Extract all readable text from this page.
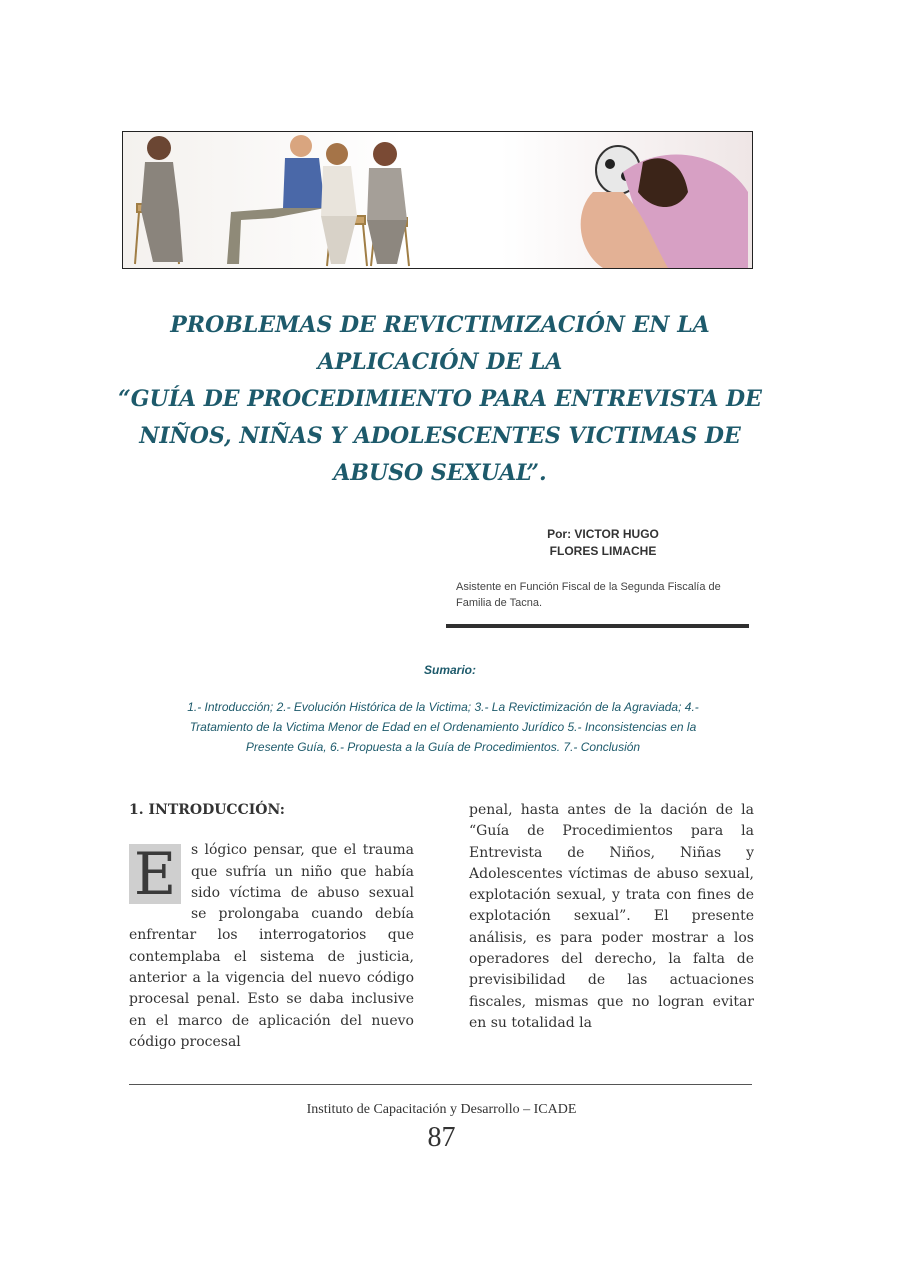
PROBLEMAS DE REVICTIMIZACIÓN EN LA
APLICACIÓN DE LA
“GUÍA DE PROCEDIMIENTO PARA ENTREVISTA DE
NIÑOS, NIÑAS Y ADOLESCENTES VICTIMAS DE
ABUSO SEXUAL”.
Por: VICTOR HUGO
FLORES LIMACHE
Asistente en Función Fiscal de la Segunda Fiscalía de
Familia de Tacna.
Sumario:

1.- Introducción; 2.- Evolución Histórica de la Victima; 3.- La Revictimización de la Agraviada; 4.-
Tratamiento de la Victima Menor de Edad en el Ordenamiento Jurídico 5.- Inconsistencias en la
Presente Guía, 6.- Propuesta a la Guía de Procedimientos. 7.- Conclusión

1. INTRODUCCIÓN:

E	s lógico pensar, que el trauma que sufría un niño que había sido víctima de abuso sexual se prolongaba cuando debía enfrentar los interrogatorios que contemplaba el sistema de justicia, anterior a la vigencia del nuevo código procesal penal. Esto se daba inclusive en el marco de aplicación del nuevo código procesal

penal, hasta antes de la dación de la “Guía de Procedimientos para la Entrevista de Niños, Niñas y Adolescentes víctimas de abuso sexual, explotación sexual, y trata con fines de explotación sexual”. El presente análisis, es para poder mostrar a los operadores del derecho, la falta de previsibilidad de las actuaciones fiscales, mismas que no logran evitar en su totalidad la

Instituto de Capacitación y Desarrollo – ICADE
87
